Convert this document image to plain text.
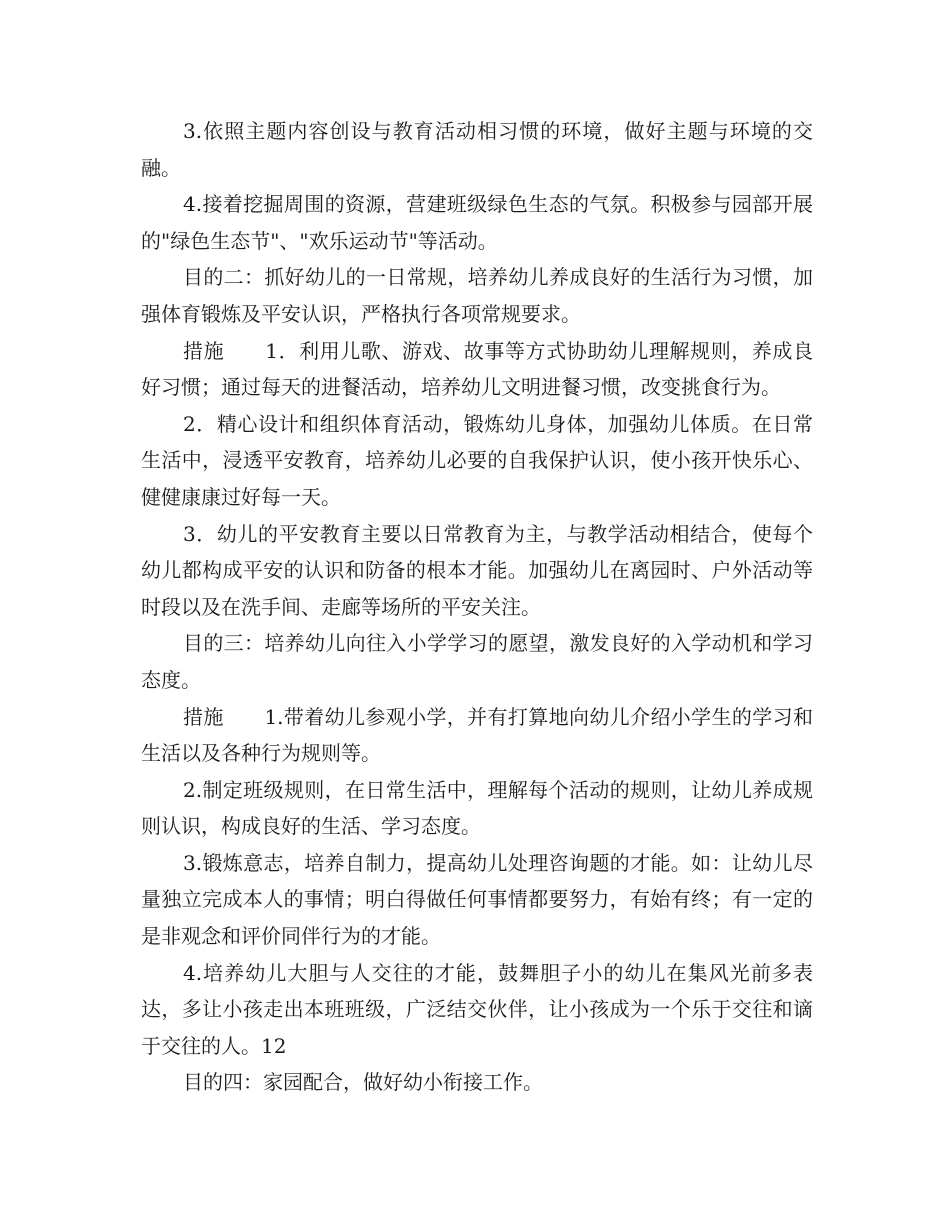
3.依照主题内容创设与教育活动相习惯的环境，做好主题与环境的交融。

4.接着挖掘周围的资源，营建班级绿色生态的气氛。积极参与园部开展的"绿色生态节"、"欢乐运动节"等活动。

目的二：抓好幼儿的一日常规，培养幼儿养成良好的生活行为习惯，加强体育锻炼及平安认识，严格执行各项常规要求。

措施　　1．利用儿歌、游戏、故事等方式协助幼儿理解规则，养成良好习惯；通过每天的进餐活动，培养幼儿文明进餐习惯，改变挑食行为。

2．精心设计和组织体育活动，锻炼幼儿身体，加强幼儿体质。在日常生活中，浸透平安教育，培养幼儿必要的自我保护认识，使小孩开快乐心、健健康康过好每一天。

3．幼儿的平安教育主要以日常教育为主，与教学活动相结合，使每个幼儿都构成平安的认识和防备的根本才能。加强幼儿在离园时、户外活动等时段以及在洗手间、走廊等场所的平安关注。

目的三：培养幼儿向往入小学学习的愿望，激发良好的入学动机和学习态度。

措施　　1.带着幼儿参观小学，并有打算地向幼儿介绍小学生的学习和生活以及各种行为规则等。

2.制定班级规则，在日常生活中，理解每个活动的规则，让幼儿养成规则认识，构成良好的生活、学习态度。

3.锻炼意志，培养自制力，提高幼儿处理咨询题的才能。如：让幼儿尽量独立完成本人的事情；明白得做任何事情都要努力，有始有终；有一定的是非观念和评价同伴行为的才能。

4.培养幼儿大胆与人交往的才能，鼓舞胆子小的幼儿在集风光前多表达，多让小孩走出本班班级，广泛结交伙伴，让小孩成为一个乐于交往和谪于交往的人。12

目的四：家园配合，做好幼小衔接工作。
